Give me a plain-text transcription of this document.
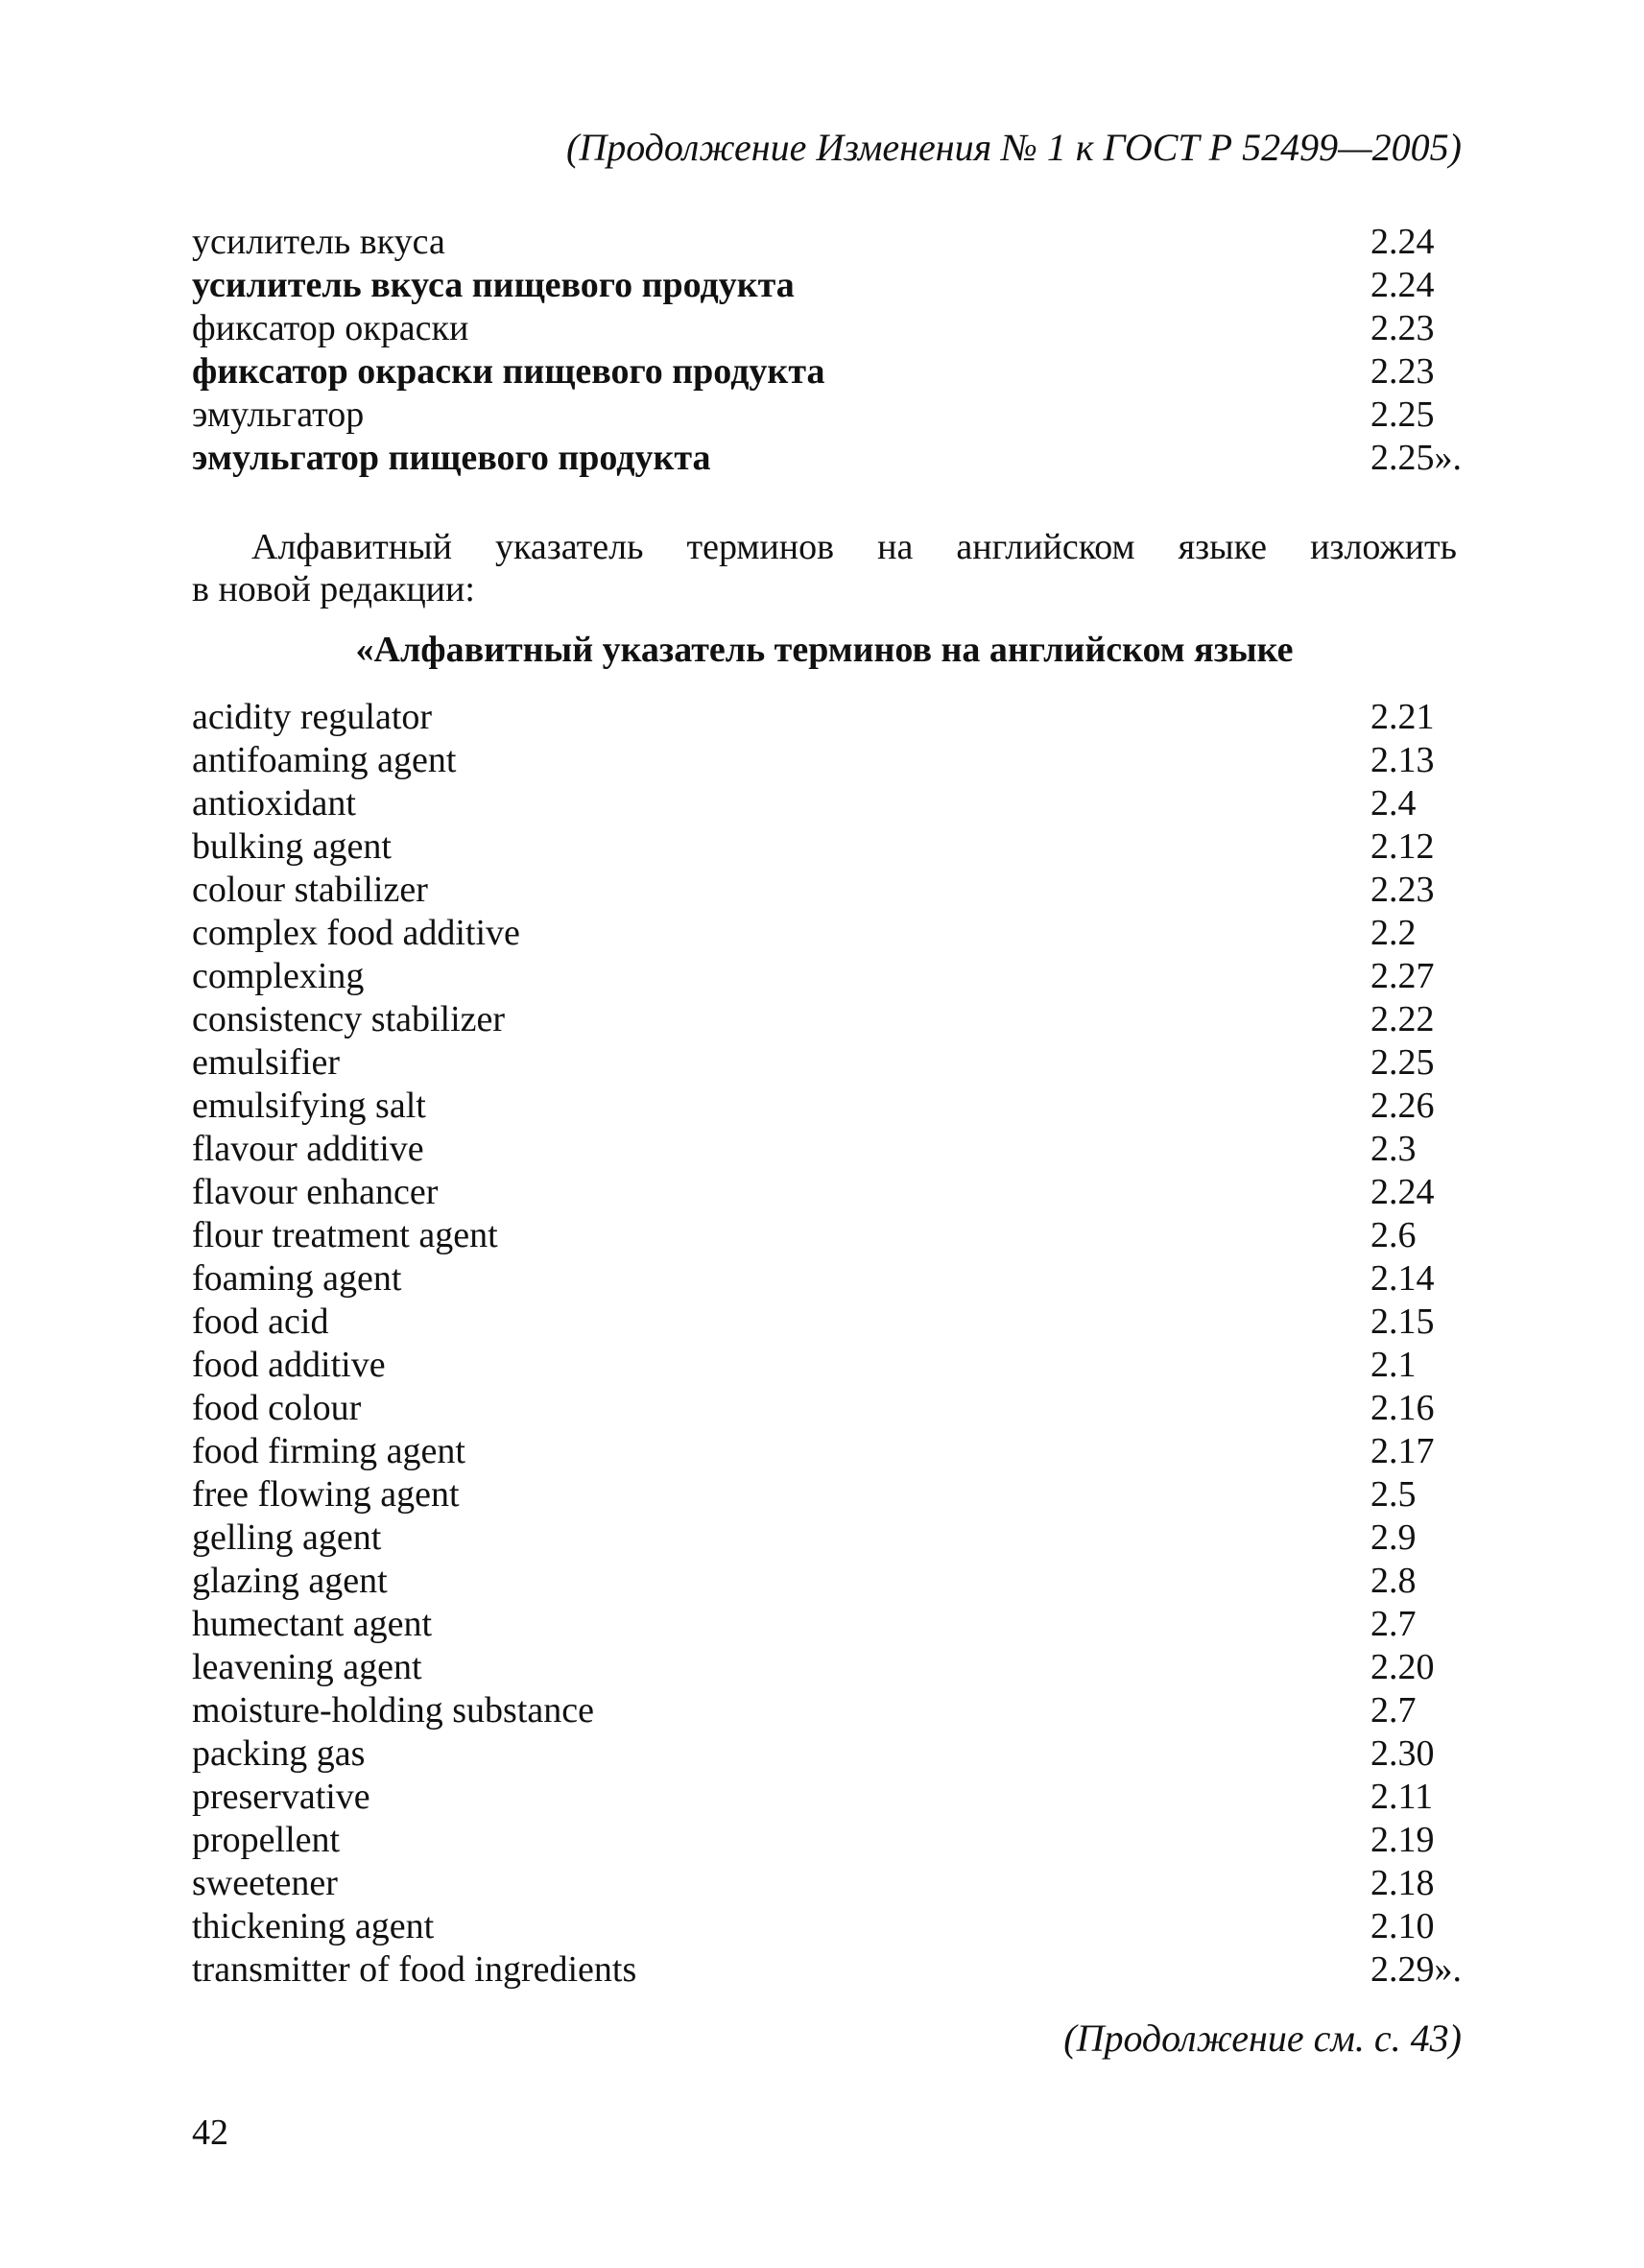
(Продолжение Изменения № 1 к ГОСТ Р 52499—2005)
усилитель вкуса	2.24
усилитель вкуса пищевого продукта	2.24
фиксатор окраски	2.23
фиксатор окраски пищевого продукта	2.23
эмульгатор	2.25
эмульгатор пищевого продукта	2.25».
Алфавитный указатель терминов на английском языке изложить
в новой редакции:
«Алфавитный указатель терминов на английском языке
acidity regulator	2.21
antifoaming agent	2.13
antioxidant	2.4
bulking agent	2.12
colour stabilizer	2.23
complex food additive	2.2
complexing	2.27
consistency stabilizer	2.22
emulsifier	2.25
emulsifying salt	2.26
flavour additive	2.3
flavour enhancer	2.24
flour treatment agent	2.6
foaming agent	2.14
food acid	2.15
food additive	2.1
food colour	2.16
food firming agent	2.17
free flowing agent	2.5
gelling agent	2.9
glazing agent	2.8
humectant agent	2.7
leavening agent	2.20
moisture-holding substance	2.7
packing gas	2.30
preservative	2.11
propellent	2.19
sweetener	2.18
thickening agent	2.10
transmitter of food ingredients	2.29».
(Продолжение см. с. 43)
42
